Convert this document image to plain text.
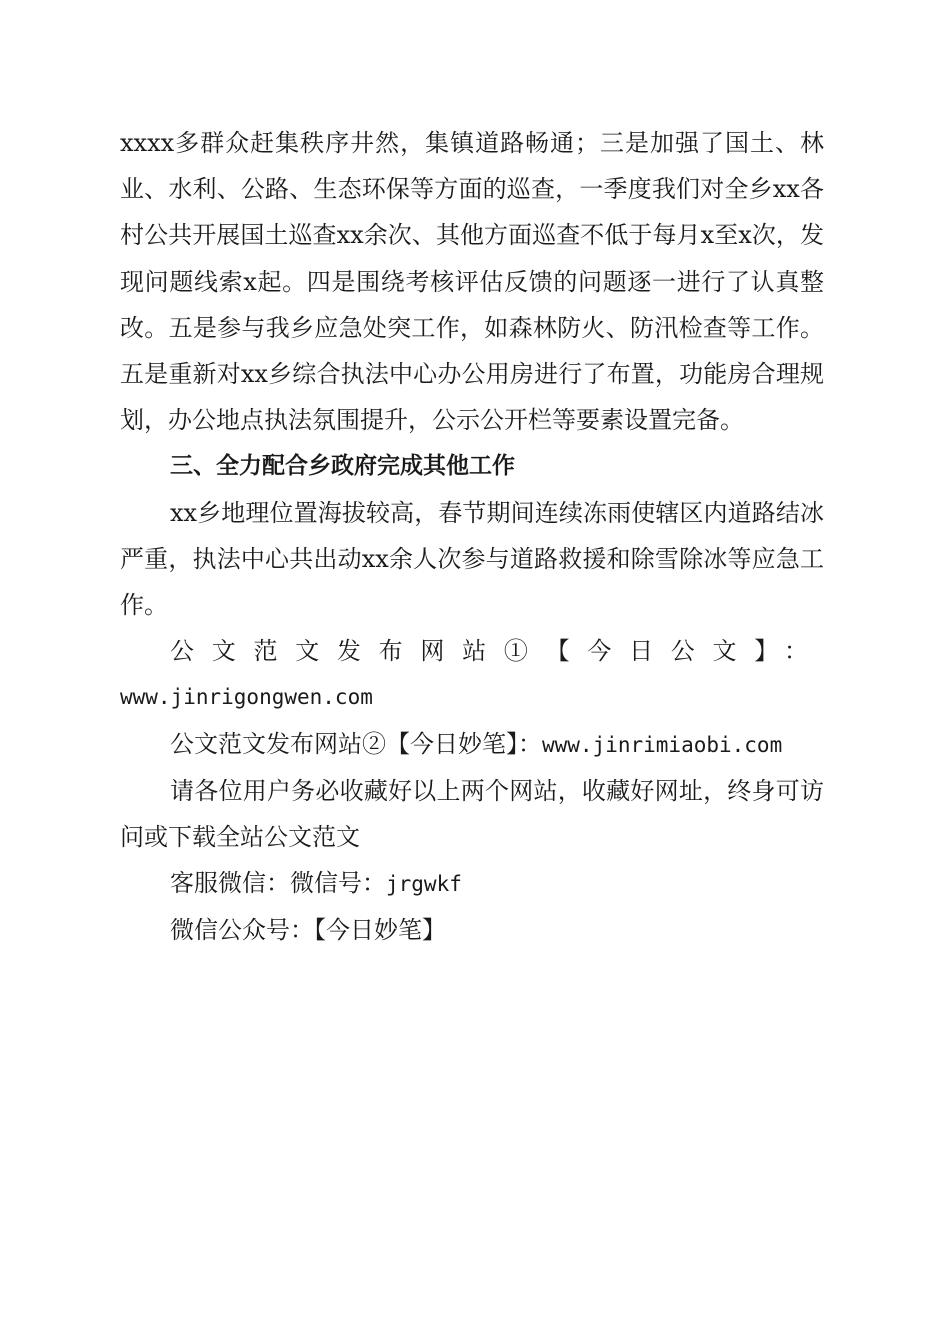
xxxx多群众赶集秩序井然，集镇道路畅通；三是加强了国土、林业、水利、公路、生态环保等方面的巡查，一季度我们对全乡xx各村公共开展国土巡查xx余次、其他方面巡查不低于每月x至x次，发现问题线索x起。四是围绕考核评估反馈的问题逐一进行了认真整改。五是参与我乡应急处突工作，如森林防火、防汛检查等工作。五是重新对xx乡综合执法中心办公用房进行了布置，功能房合理规划，办公地点执法氛围提升，公示公开栏等要素设置完备。

三、全力配合乡政府完成其他工作

xx乡地理位置海拔较高，春节期间连续冻雨使辖区内道路结冰严重，执法中心共出动xx余人次参与道路救援和除雪除冰等应急工作。

公文范文发布网站①【今日公文】：

www.jinrigongwen.com

公文范文发布网站②【今日妙笔】：www.jinrimiaobi.com

请各位用户务必收藏好以上两个网站，收藏好网址，终身可访问或下载全站公文范文

客服微信：微信号：jrgwkf

微信公众号：【今日妙笔】
